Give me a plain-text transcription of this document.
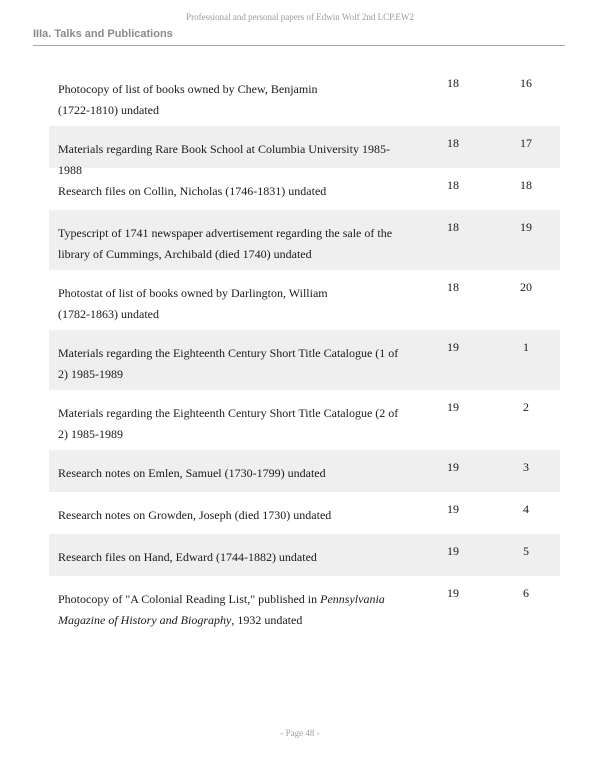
Professional and personal papers of Edwin Wolf 2nd LCP.EW2
IIIa. Talks and Publications
Photocopy of list of books owned by Chew, Benjamin
(1722-1810) undated
18	16
Materials regarding Rare Book School at Columbia University 1985-1988
18	17
Research files on Collin, Nicholas (1746-1831) undated	18	18
Typescript of 1741 newspaper advertisement regarding the sale of the
library of Cummings, Archibald (died 1740) undated
18	19
Photostat of list of books owned by Darlington, William
(1782-1863) undated
18	20
Materials regarding the Eighteenth Century Short Title Catalogue (1 of
2) 1985-1989
19	1
Materials regarding the Eighteenth Century Short Title Catalogue (2 of
2) 1985-1989
19	2
Research notes on Emlen, Samuel (1730-1799) undated	19	3
Research notes on Growden, Joseph (died 1730) undated	19	4
Research files on Hand, Edward (1744-1882) undated	19	5
Photocopy of "A Colonial Reading List," published in Pennsylvania
Magazine of History and Biography, 1932 undated
19	6
- Page 48 -
